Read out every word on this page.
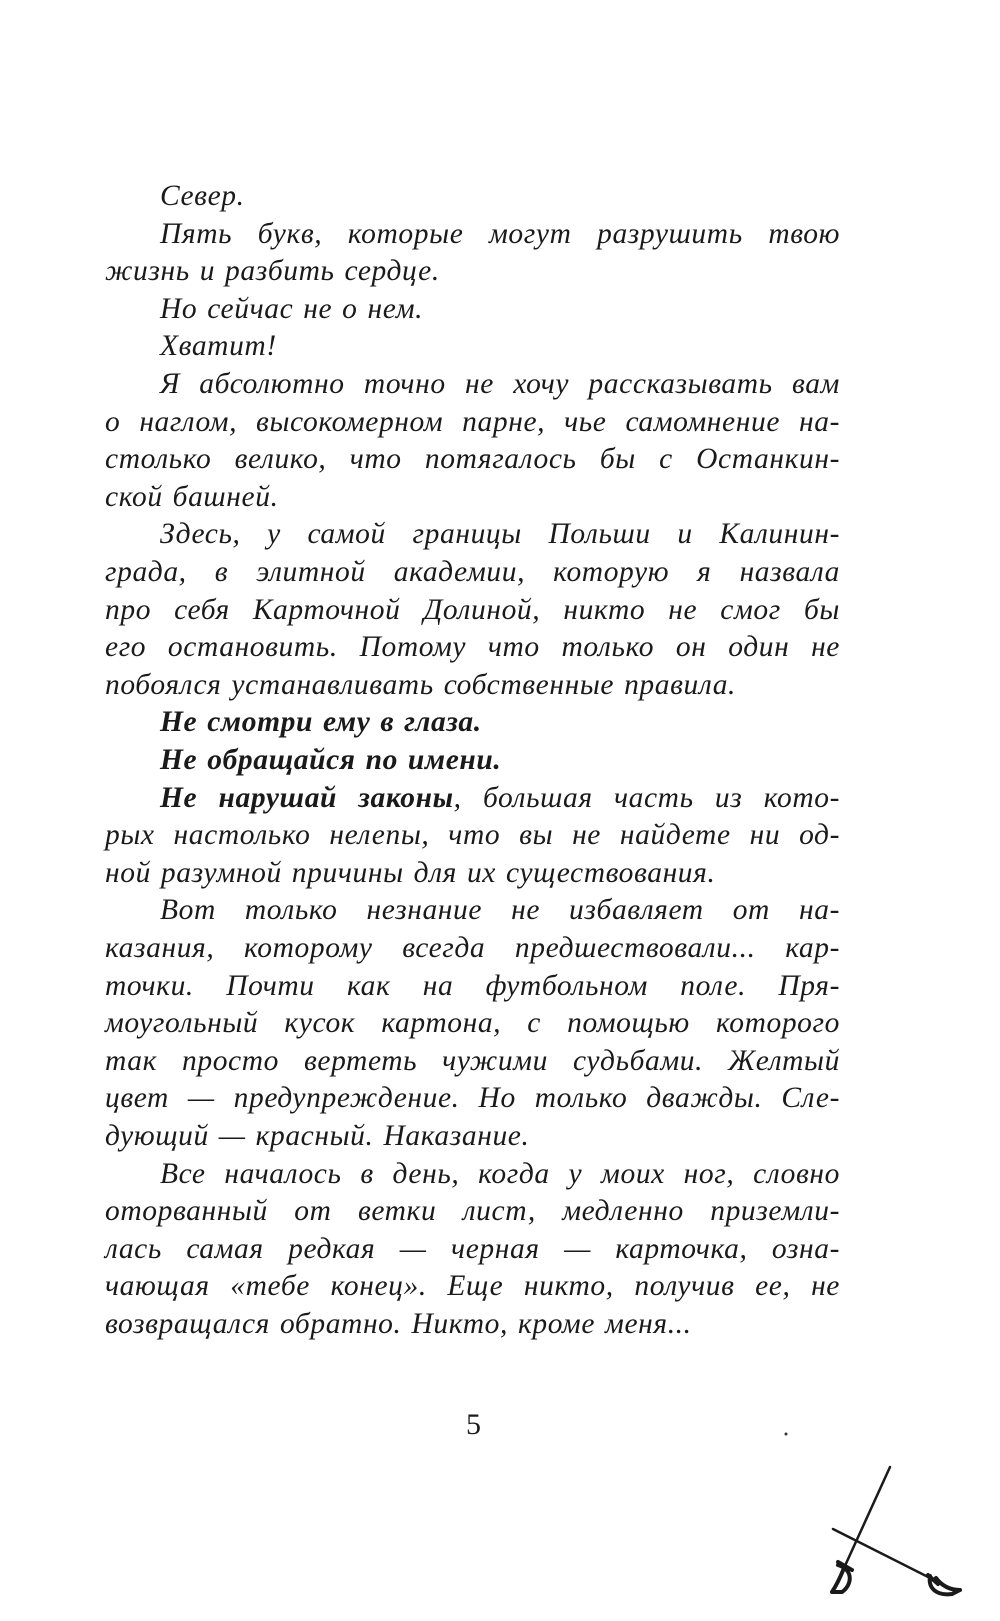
Север.
Пять букв, которые могут разрушить твою
жизнь и разбить сердце.
Но сейчас не о нем.
Хватит!
Я абсолютно точно не хочу рассказывать вам
о наглом, высокомерном парне, чье самомнение на-
столько велико, что потягалось бы с Останкин-
ской башней.
Здесь, у самой границы Польши и Калинин-
града, в элитной академии, которую я назвала
про себя Карточной Долиной, никто не смог бы
его остановить. Потому что только он один не
побоялся устанавливать собственные правила.
Не смотри ему в глаза.
Не обращайся по имени.
Не нарушай законы, большая часть из кото-
рых настолько нелепы, что вы не найдете ни од-
ной разумной причины для их существования.
Вот только незнание не избавляет от на-
казания, которому всегда предшествовали... кар-
точки. Почти как на футбольном поле. Пря-
моугольный кусок картона, с помощью которого
так просто вертеть чужими судьбами. Желтый
цвет — предупреждение. Но только дважды. Сле-
дующий — красный. Наказание.
Все началось в день, когда у моих ног, словно
оторванный от ветки лист, медленно приземли-
лась самая редкая — черная — карточка, озна-
чающая «тебе конец». Еще никто, получив ее, не
возвращался обратно. Никто, кроме меня...
5
